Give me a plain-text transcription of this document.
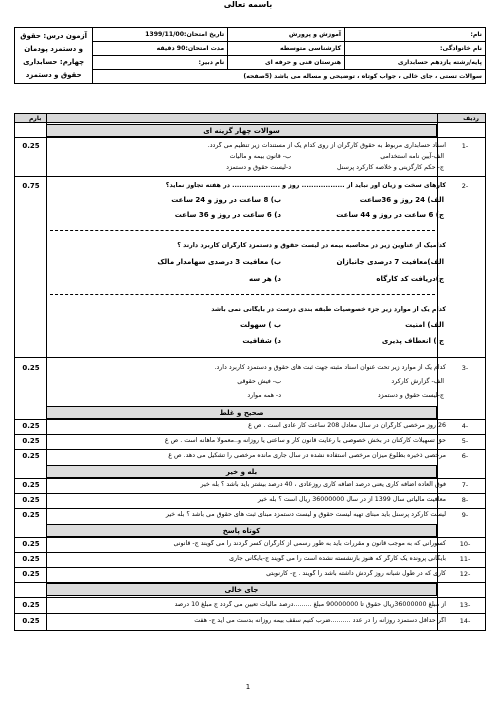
باسمه تعالی
نام:	آموزش و پرورش	تاریخ امتحان:1399/11/00	آزمون درس: حقوق و دستمزد پودمان چهارم: حسابداری حقوق و دستمزد
نام خانوادگی:	کارشناسی متوسطه	مدت امتحان:90 دقیقه	
پایه/رشته یازدهم حسابداری	هنرستان فنی و حرفه ای	نام دبیر:	
سوالات تستی ، جای خالی ، جواب کوتاه ، توضیحی و مساله می باشد (5صفحه)			
ردیف
بارم
سوالات چهار گزینه ای
1-
0.25	اسناد حسابداری مربوط به حقوق کارگران از روی کدام یک از مستندات زیر تنظیم می گردد.
الف-آیین نامه استخدامی
ب- قانون بیمه و مالیات
ج- حکم کارگزینی و خلاصه کارکرد پرسنل
د-لیست حقوق و دستمزد
2-
0.75	کارهای سخت و زیان آور نباید از .................. روز و .................... در هفته تجاوز نماید؟
الف) 24 روز و 36ساعت
ب) 8 ساعت در روز و 24 ساعت
ج) 6 ساعت در روز و 44 ساعت
د) 6 ساعت در روز و 36 ساعت
کدامیک از عناوین زیر در محاسبه بیمه در لیست حقوق و دستمزد کارگران کاربرد دارند ؟
الف)معافیت 7 درصدی جانبازان
ب) معافیت 3 درصدی سهامدار مالک
ج)دریافت کد کارگاه
د) هر سه
کدام یک از موارد زیر جزء خصوصیات طبقه بندی درست در بایگانی نمی باشد
الف) امنیت
ب ) سهولت
ج ) انعطاف پذیری
د) شفافیت
3-
0.25	کدام یک از موارد زیر تحت عنوان اسناد مثبته جهت ثبت های حقوق و دستمزد کاربرد دارد.
الف- گزارش کارکرد
ب- فیش حقوقی
ج-لیست حقوق و دستمزد
د- همه موارد
صحیح و غلط
4-
0.25	26 روز مرخصی کارگران در سال معادل 208 ساعت کار عادی است . ص غ
5-
0.25	حق تسهیلات کارکنان در بخش خصوصی با رعایت قانون کار و ساعتی یا روزانه و..معمولا ماهانه است . ص غ
6-
0.25	مرخصی ذخیره بطلوع میزان مرخصی استفاده نشده در سال جاری مانده مرخصی را تشکیل می دهد. ص غ
بله و خیر
7-
0.25	فوق العاده اضافه کاری یعنی درصد اضافه کاری روزعادی ، 40 درصد بیشتر باید باشد ؟ بله خیر
8-
0.25	معافیت مالیاتی سال 1399 از در سال 36000000 ریال است ؟ بله خیر
9-
0.25	لیست کارکرد پرسنل باید مبنای تهیه لیست حقوق و لیست دستمزد مبنای ثبت های حقوق می باشد ؟ بله خیر
کوتاه پاسخ
10-
0.25	کسورانی که به موجب قانون و مقررات باید به طور رسمی از کارگران کسر گردند را می گویند ج- قانونی
11-
0.25	بایگانی پرونده یک کارگر که هنوز بازنشسته نشده است را می گویند ج-بایگانی جاری
12-
0.25	کاری که در طول شبانه روز گردش داشته باشد را گویند . ج- کارنوبتی
جای خالی
13-
0.25	از مبلغ 36000000ریال حقوق تا 90000000 مبلغ .........درصد مالیات تعیین می گردد ج مبلغ 10 درصد
14-
0.25	اگر حداقل دستمزد روزانه را در عدد ..........ضرب کنیم سقف بیمه روزانه بدست می آید ج- هفت
1
